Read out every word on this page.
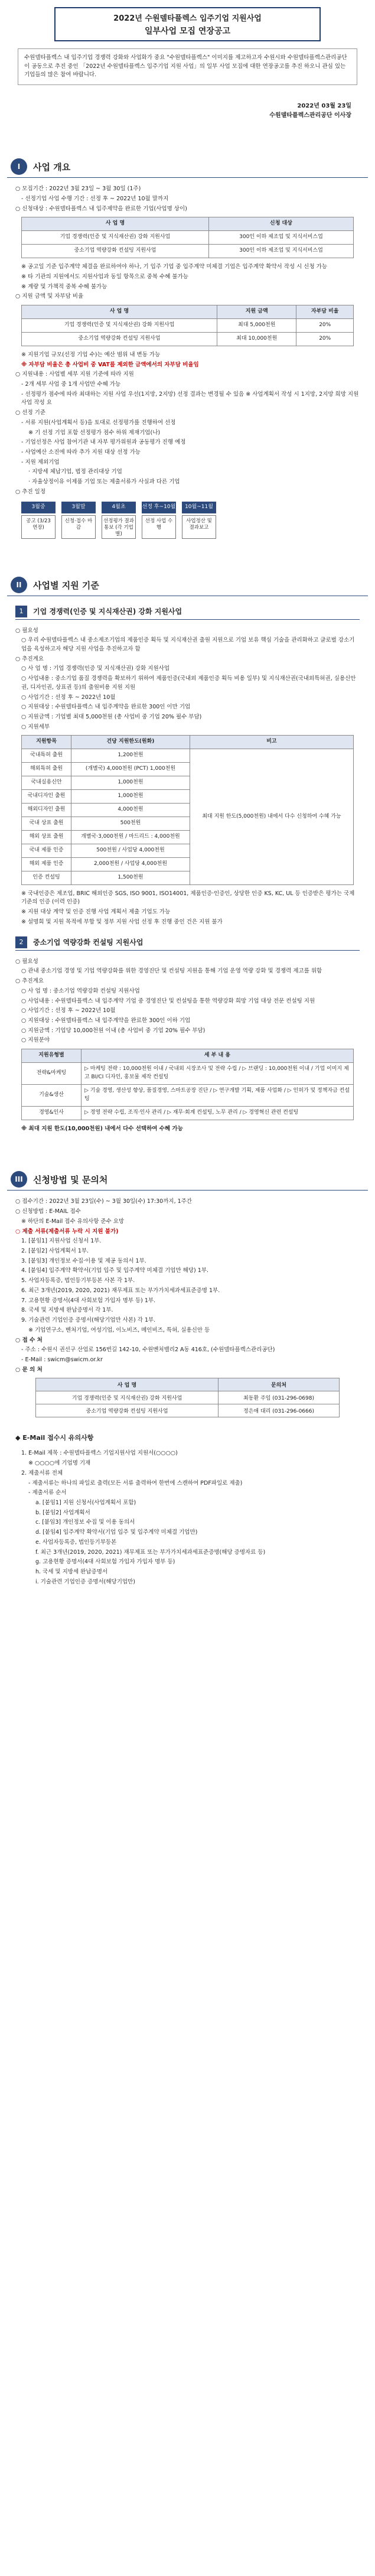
2022년 수원델타플렉스 입주기업 지원사업
일부사업 모집 연장공고
수원델타플렉스 내 입주기업 경쟁력 강화와 사업화가 중요 "수원델타플렉스" 이미지를 제고하고자 수원시와 수원델타플렉스관리공단이 공동으로 추진 중인 「2022년 수원델타플렉스 입주기업 지원 사업」의 일부 사업 모집에 대한 연장공고를 추진 하오니 관심 있는 기업들의 많은 참여 바랍니다.
2022년 03월 23일
수원델타플렉스관리공단 이사장
I	사업 개요

○ 모집기간 : 2022년 3월 23일 ~ 3월 30일 (1주)

- 선정기업 사업 수행 기간 : 선정 후 ~ 2022년 10월 말까지

○ 신청대상 : 수원델타플렉스 내 입주제약을 완료한 기업(사업명 상이)

사 업 명	신청 대상
기업 경쟁력(인증 및 지식재산권) 강화 지원사업	300인 이하 제조업 및 지식서비스업
중소기업 역량강화 컨설팅 지원사업	300인 이하 제조업 및 지식서비스업

※ 공고일 기준 입주계약 체결을 완료하여야 하나, 기 입주 기업 중 입주계약 미체결 기업은 입주계약 확약서 작성 시 신청 가능

※ 타 기관의 지원에서도 지원사업과 동일 항목으로 중복 수혜 불가능

※ 계량 및 가책적 중복 수혜 불가능

○ 지원 금액 및 자부담 비율

사 업 명	지원 금액	자부담 비율
기업 경쟁력(인증 및 지식재산권) 강화 지원사업	최대 5,000천원	20%
중소기업 역량강화 컨설팅 지원사업	최대 10,000천원	20%

※ 지원기업 규모(선정 기업 수)는 예산 범위 내 변동 가능

※ 자부담 비율은 총 사업비 중 VAT를 제외한 금액에서의 자부담 비율임

○ 지원내용 : 사업별 세부 지원 기준에 따라 지원

- 2개 세부 사업 중 1개 사업만 수혜 가능

- 선정평가 점수에 따라 최대하는 지원 사업 우선(1지망, 2지망) 선정 결과는 변경될 수 있음 ※ 사업계획서 작성 시 1지망, 2지망 희망 지원 사업 작성 요

○ 선정 기준

- 서류 지원(사업계획서 등)을 토대로 선정평가를 진행하여 선정

※ 기 선정 기업 포함 선정평가 점수 하위 제재기업(나)

- 기업선정은 사업 참여기관 내 자부 평가위원과 공동평가 진행 예정

- 사업예산 소진에 따라 추가 지원 대상 선정 가능

- 지원 제외기업

· 지방세 체납기업, 법정 관리대상 기업

· 자율상정이유 이제품 기업 또는 제출서류가 사실과 다른 기업

○ 추진 일정

3월중
공고 (3/23 연장)
3월말
신청·접수 마감
4월초
선정평가 결과 통보 (각 기업별)
선정 후~10월
선정 사업 수행
10월~11월
사업정산 및 결과보고
II	사업별 지원 기준
1	기업 경쟁력(인증 및 지식재산권) 강화 지원사업

○ 필요성

○ 우리 수원델타플렉스 내 중소제조기업의 제품인증 획득 및 지식재산권 출원 지원으로 기업 보유 핵심 기술을 관리화하고 글로벌 강소기업을 육성하고자 해당 지원 사업을 추진하고자 함

○ 추진계요

○ 사 업 명 : 기업 경쟁력(인증 및 지식재산권) 강화 지원사업

○ 사업내용 : 중소기업 품질 경쟁력을 확보하기 위하여 제품인증(국내외 제품인증 획득 비용 일부) 및 지식재산권(국내외특허권, 실용신안권, 디자인권, 상표권 등)의 출원비용 지원 지원

○ 사업기간 : 선정 후 ~ 2022년 10월

○ 지원대상 : 수원델타플렉스 내 입주계약을 완료한 300인 이만 기업

○ 지원금액 : 기업별 최대 5,000천원 (총 사업비 중 기업 20% 필수 부담)

○ 지원세부

지원항목	건당 지원한도(원화)	비고
국내특허 출원	1,200천원	최대 지원 한도(5,000천원) 내에서 다수 신청하여 수혜 가능
해외특허 출원	(개별국) 4,000천원 (PCT) 1,000천원	
국내실용신안	1,000천원	
국내디자인 출원	1,000천원	
해외디자인 출원	4,000천원	
국내 상표 출원	500천원	
해외 상표 출원	개별국·3,000천원 / 마드리드 : 4,000천원	
국내 제품 인증	500천원 / 사업당 4,000천원	
해외 제품 인증	2,000천원 / 사업당 4,000천원	
인증 컨설팅	1,500천원	

※ 국내인증은 제조업, BRIC 해외인증 SGS, ISO 9001, ISO14001, 제품인증·인증인, 상당한 인증 KS, KC, UL 등 인증받은 평가는 국제 기준의 인증 (이력 인증)

※ 지원 대상 계약 및 인증 진행 사업 계획서 제출 기업도 가능

※ 설명회 및 지원 목적에 부합 및 정부 지원 사업 선정 후 진행 중인 건은 지원 불가

2	중소기업 역량강화 컨설팅 지원사업

○ 필요성

○ 관내 중소기업 경영 및 기업 역량강화를 위한 경영진단 및 컨설팅 지원을 통해 기업 운영 역량 강화 및 경쟁력 제고를 위함

○ 추진계요

○ 사 업 명 : 중소기업 역량강화 컨설팅 지원사업

○ 사업내용 : 수원델타플렉스 내 입주계약 기업 중 경영진단 및 컨설팅을 통한 역량강화 희망 기업 대상 전문 컨설팅 지원

○ 사업기간 : 선정 후 ~ 2022년 10월

○ 지원대상 : 수원델타플렉스 내 입주계약을 완료한 300인 이하 기업

○ 지원금액 : 기업당 10,000천원 이내 (총 사업비 중 기업 20% 필수 부담)

○ 지원분야

지원유형별	세 부 내 용
전략&마케팅	▷ 마케팅 전략 : 10,000천원 이내 / 국내외 시장조사 및 전략 수립 / ▷ 브랜딩 : 10,000천원 이내 / 기업 이미지 제고 BI/CI 디자인, 홍보물 제작 컨설팅
기술&생산	▷ 기술 경영, 생산성 향상, 품질경영, 스마트공장 진단 / ▷ 연구개발 기획, 제품 사업화 / ▷ 인허가 및 정책자금 컨설팅
경영&인사	▷ 경영 전략 수립, 조직·인사 관리 / ▷ 재무·회계 컨설팅, 노무 관리 / ▷ 경영혁신 관련 컨설팅

※ 최대 지원 한도(10,000천원) 내에서 다수 선택하여 수혜 가능

III	신청방법 및 문의처

○ 접수기간 : 2022년 3월 23일(수) ~ 3월 30일(수) 17:30까지, 1주간

○ 신청방법 : E-MAIL 접수

※ 하단의 E-Mail 접수 유의사항 준수 요망

○ 제출 서류(제출서류 누락 시 지원 불가)

1. [붙임1] 지원사업 신청서 1부.

2. [붙임2] 사업계획서 1부.

3. [붙임3] 개인정보 수집·이용 및 제공 동의서 1부.

4. [붙임4] 입주계약 확약서(기업 입주 및 입주계약 미체결 기업만 해당) 1부.

5. 사업자등록증, 법인등기부등본 사본 각 1부.

6. 최근 3개년(2019, 2020, 2021) 재무제표 또는 부가가치세과세표준증명 1부.

7. 고용현황 증명서(4대 사회보험 가입자 명부 등) 1부.

8. 국세 및 지방세 완납증명서 각 1부.

9. 기술관련 기업인증 증명서(해당기업만 사본) 각 1부.

※ 기업연구소, 벤처기업, 여성기업, 이노비즈, 메인비즈, 특허, 실용신안 등

○ 접 수 처

- 주소 : 수원시 권선구 산업로 156번길 142-10, 수원벤처밸리2 A동 416호, (수원델타플렉스관리공단)

- E-Mail : swicm@swicm.or.kr

○ 문 의 처

사 업 명	문의처
기업 경쟁력(인증 및 지식재산권) 강화 지원사업	최동환 주임 (031-296-0698)
중소기업 역량강화 컨설팅 지원사업	정은애 대리 (031-296-0666)
◆ E-Mail 접수시 유의사항

1. E-Mail 제목 : 수원델타플렉스 기업지원사업 지원서(○○○○)

※ ○○○○에 기업명 기재

2. 제출서류 전체

- 제출서류는 하나의 파일로 출력(모든 서류 출력하여 한번에 스캔하여 PDF파일로 제출)

- 제출서류 순서

a. [붙임1] 지원 신청서(사업계획서 포함)

b. [붙임2] 사업계획서

c. [붙임3] 개인정보 수집 및 이용 동의서

d. [붙임4] 입주계약 확약서(기업 입주 및 입주계약 미체결 기업만)

e. 사업자등록증, 법인등기부등본

f. 최근 3개년(2019, 2020, 2021) 재무제표 또는 부가가치세과세표준증명(해당 증명자료 등)

g. 고용현황 증명서(4대 사회보험 가입자 가입자 명부 등)

h. 국세 및 지방세 완납증명서

i. 기술관련 기업인증 증명서(해당기업만)
